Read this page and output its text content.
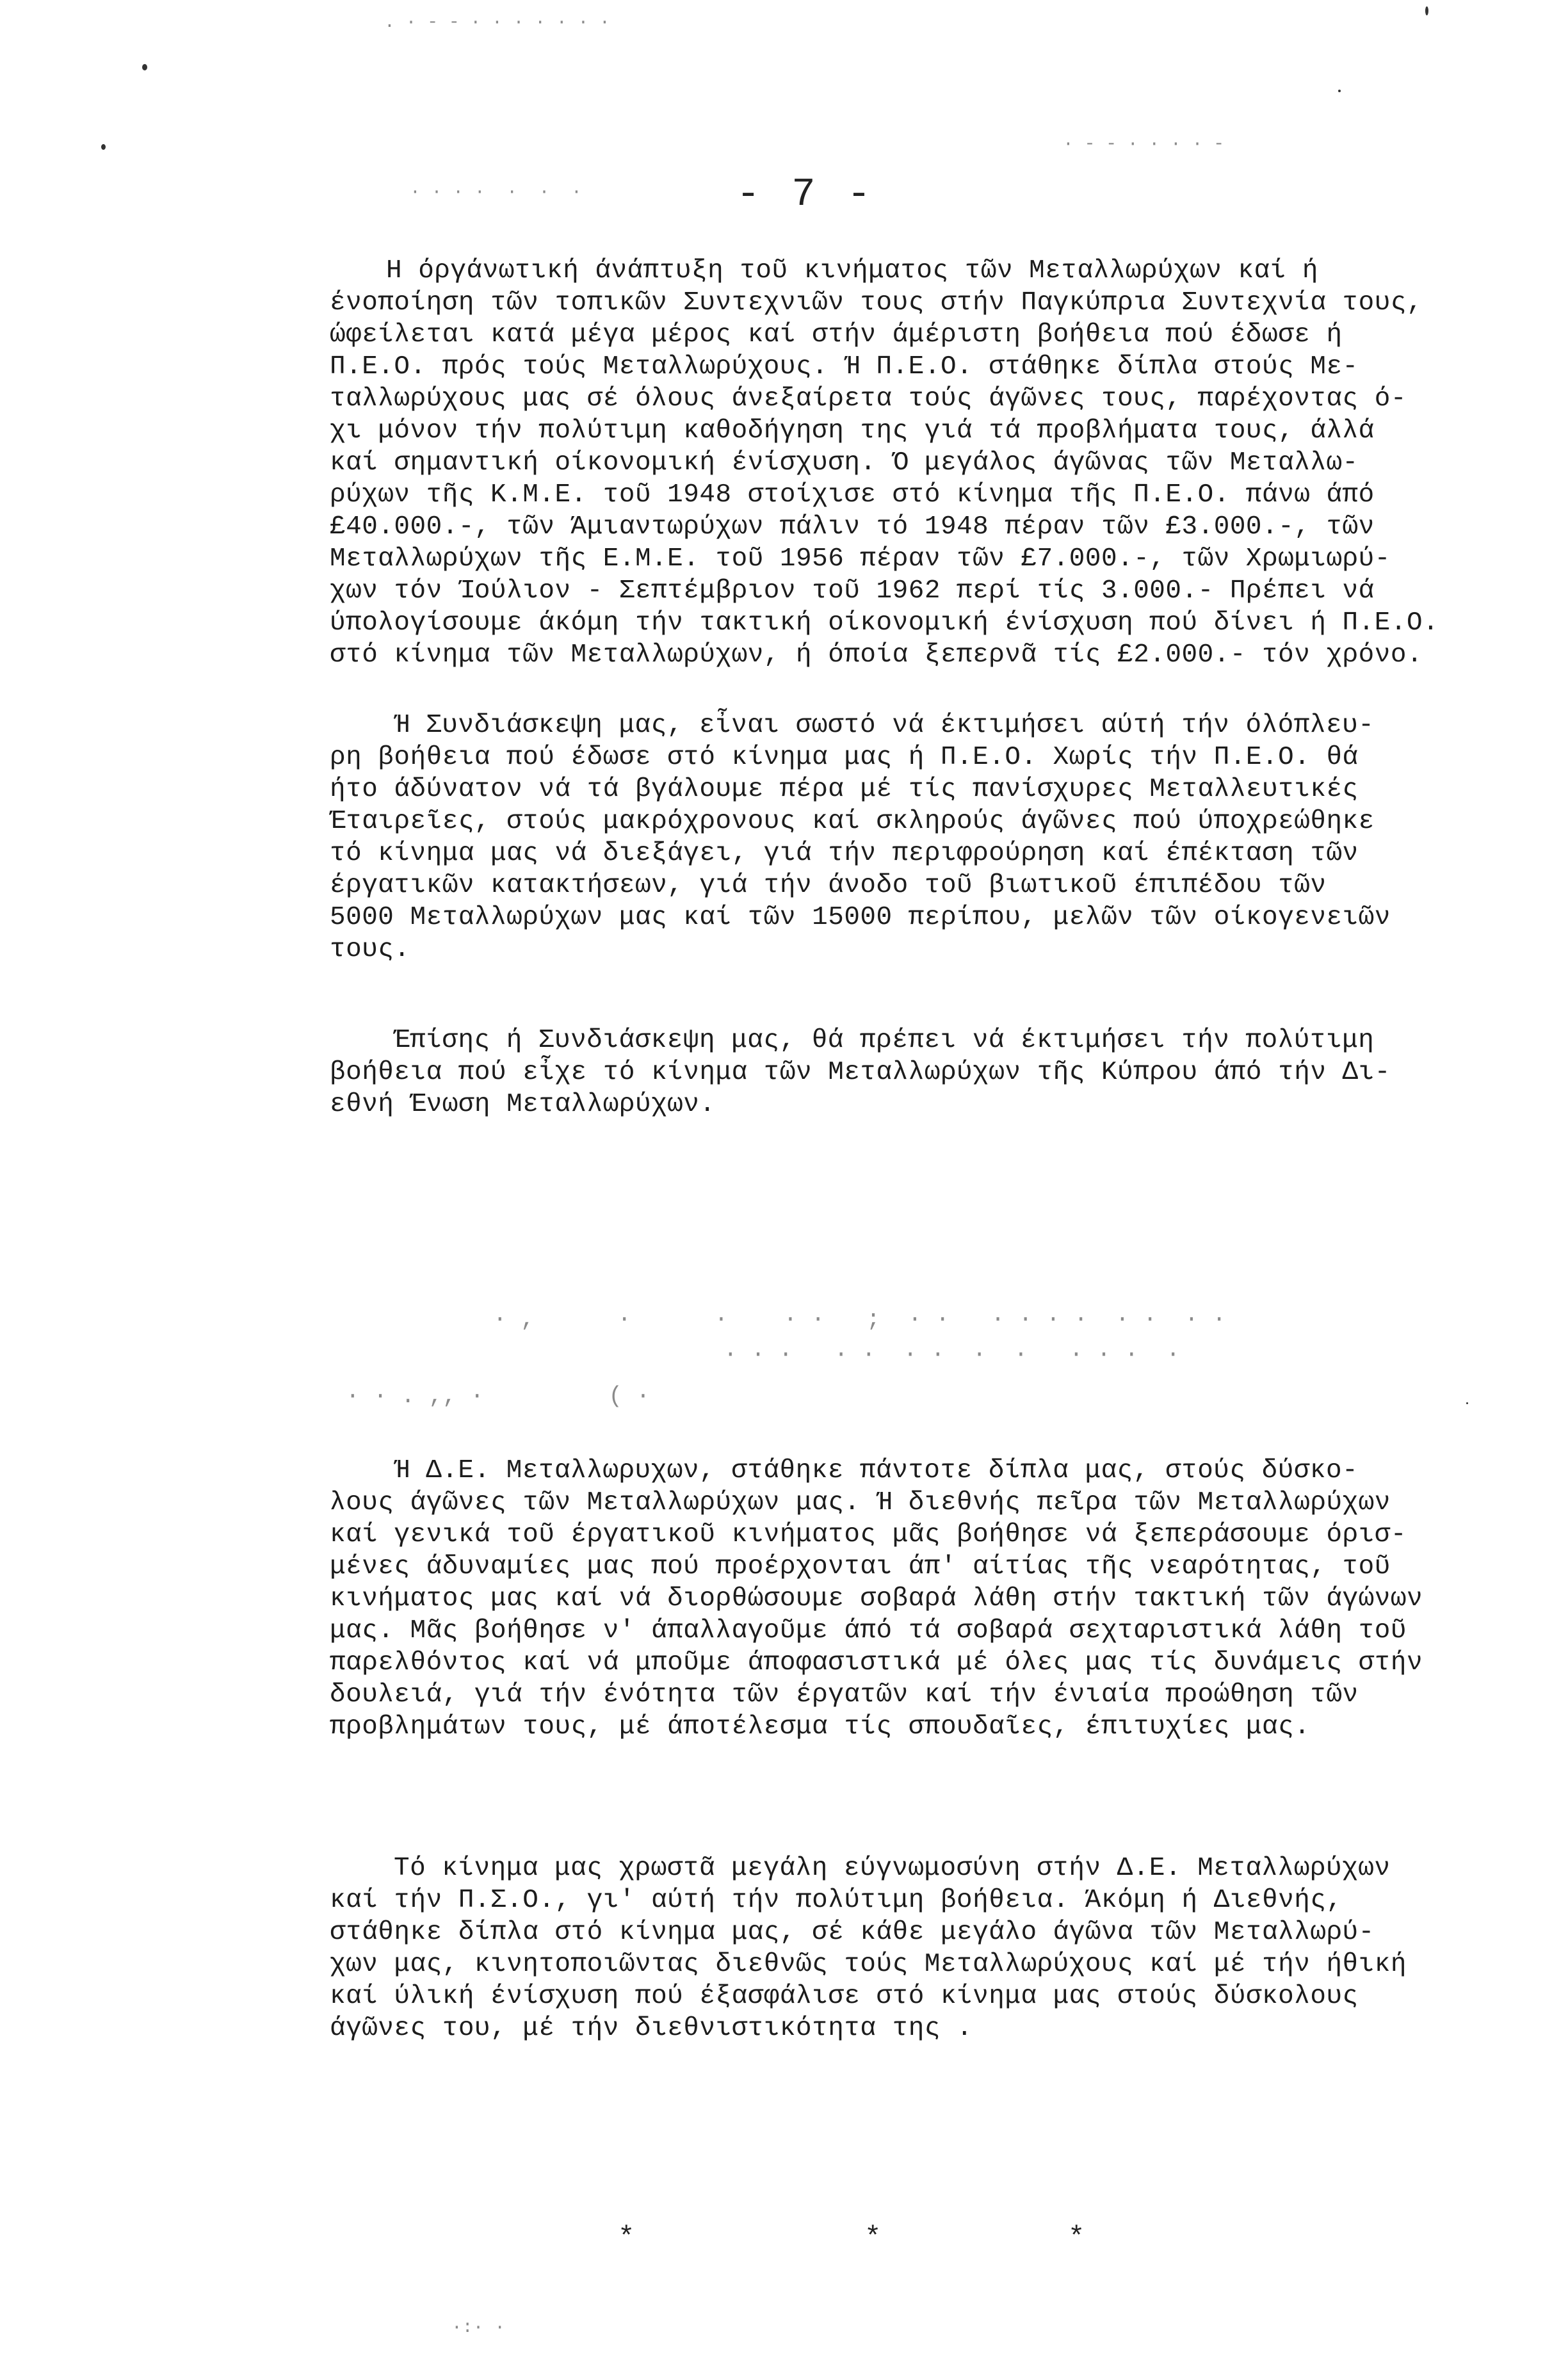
. · - - · · · · · · ·
· - - · · · · -
· · · ·  ·  ·  ·
· ,      ·      ·    · ·   ;  · ·   · · · ·  · ·  · ·
· · ·   · ·  · ·  ·  ·   · · ·  ·
· · . ,, ·         ( ·
·:· ·
- 7 -
Η όργάνωτική άνάπτυξη τοῦ κινήματος τῶν Μεταλλωρύχων καί ή
ένοποίηση τῶν τοπικῶν Συντεχνιῶν τους στήν Παγκύπρια Συντεχνία τους,
ώφείλεται κατά μέγα μέρος καί στήν άμέριστη βοήθεια πού έδωσε ή
Π.Ε.Ο. πρός τούς Μεταλλωρύχους. Ή Π.Ε.Ο. στάθηκε δίπλα στούς Με-
ταλλωρύχους μας σέ όλους άνεξαίρετα τούς άγῶνες τους, παρέχοντας ό-
χι μόνον τήν πολύτιμη καθοδήγηση της γιά τά προβλήματα τους, άλλά
καί σημαντική οίκονομική ένίσχυση. Ό μεγάλος άγῶνας τῶν Μεταλλω-
ρύχων τῆς Κ.Μ.Ε. τοῦ 1948 στοίχισε στό κίνημα τῆς Π.Ε.Ο. πάνω άπό
£40.000.-, τῶν Άμιαντωρύχων πάλιν τό 1948 πέραν τῶν £3.000.-, τῶν
Μεταλλωρύχων τῆς Ε.Μ.Ε. τοῦ 1956 πέραν τῶν £7.000.-, τῶν Χρωμιωρύ-
χων τόν Ίούλιον - Σεπτέμβριον τοῦ 1962 περί τίς 3.000.- Πρέπει νά
ύπολογίσουμε άκόμη τήν τακτική οίκονομική ένίσχυση πού δίνει ή Π.Ε.Ο.
στό κίνημα τῶν Μεταλλωρύχων, ή όποία ξεπερνᾶ τίς £2.000.- τόν χρόνο.
Ή Συνδιάσκεψη μας, εἶναι σωστό νά έκτιμήσει αύτή τήν όλόπλευ-
ρη βοήθεια πού έδωσε στό κίνημα μας ή Π.Ε.Ο. Χωρίς τήν Π.Ε.Ο. θά
ήτο άδύνατον νά τά βγάλουμε πέρα μέ τίς πανίσχυρες Μεταλλευτικές
Έταιρεῖες, στούς μακρόχρονους καί σκληρούς άγῶνες πού ύποχρεώθηκε
τό κίνημα μας νά διεξάγει, γιά τήν περιφρούρηση καί έπέκταση τῶν
έργατικῶν κατακτήσεων, γιά τήν άνοδο τοῦ βιωτικοῦ έπιπέδου τῶν
5000 Μεταλλωρύχων μας καί τῶν 15000 περίπου, μελῶν τῶν οίκογενειῶν
τους.
Έπίσης ή Συνδιάσκεψη μας, θά πρέπει νά έκτιμήσει τήν πολύτιμη
βοήθεια πού εἶχε τό κίνημα τῶν Μεταλλωρύχων τῆς Κύπρου άπό τήν Δι-
εθνή Ένωση Μεταλλωρύχων.
Ή Δ.Ε. Μεταλλωρυχων, στάθηκε πάντοτε δίπλα μας, στούς δύσκο-
λους άγῶνες τῶν Μεταλλωρύχων μας. Ή διεθνής πεῖρα τῶν Μεταλλωρύχων
καί γενικά τοῦ έργατικοῦ κινήματος μᾶς βοήθησε νά ξεπεράσουμε όρισ-
μένες άδυναμίες μας πού προέρχονται άπ' αίτίας τῆς νεαρότητας, τοῦ
κινήματος μας καί νά διορθώσουμε σοβαρά λάθη στήν τακτική τῶν άγώνων
μας. Μᾶς βοήθησε ν' άπαλλαγοῦμε άπό τά σοβαρά σεχταριστικά λάθη τοῦ
παρελθόντος καί νά μποῦμε άποφασιστικά μέ όλες μας τίς δυνάμεις στήν
δουλειά, γιά τήν ένότητα τῶν έργατῶν καί τήν ένιαία προώθηση τῶν
προβλημάτων τους, μέ άποτέλεσμα τίς σπουδαῖες, έπιτυχίες μας.
Τό κίνημα μας χρωστᾶ μεγάλη εύγνωμοσύνη στήν Δ.Ε. Μεταλλωρύχων
καί τήν Π.Σ.Ο., γι' αύτή τήν πολύτιμη βοήθεια. Άκόμη ή Διεθνής,
στάθηκε δίπλα στό κίνημα μας, σέ κάθε μεγάλο άγῶνα τῶν Μεταλλωρύ-
χων μας, κινητοποιῶντας διεθνῶς τούς Μεταλλωρύχους καί μέ τήν ήθική
καί ύλική ένίσχυση πού έξασφάλισε στό κίνημα μας στούς δύσκολους
άγῶνες του, μέ τήν διεθνιστικότητα της .
*	*	*
